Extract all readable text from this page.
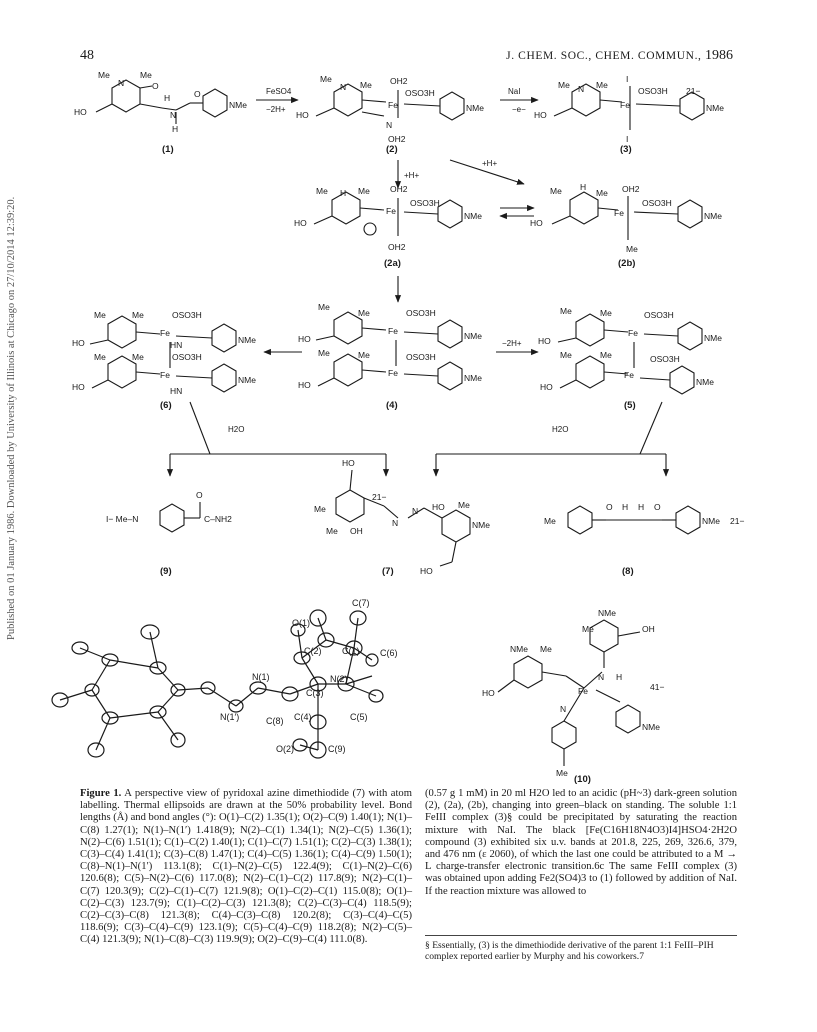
Published on 01 January 1986. Downloaded by University of Illinois at Chicago on 27/10/2014 12:39:20.
48	J. CHEM. SOC., CHEM. COMMUN., 1986
FeSO4
−2H+
NaI
−e−
+H+
+H+
−2H+
H2O	H2O
Me	Me
N	O
H
HO	N
H
O
NMe
Me
Me
N
OH2
OSO3H
Fe
HO
N
OH2
NMe
Me	Me
N
I
OSO3H 21−
Fe
HO
I
NMe
Me	Me
H	OH2
OSO3H
Fe
HO
NMe
OH2
Me	Me
H	OH2
OSO3H
Fe
HO
NMe
Me
Me	Me	OSO3H
Fe
HN
HO	NMe
Me	Me	OSO3H
Fe
HN
HO
NMe
Me
Me	OSO3H
Fe
HO	NMe
Me	Me	OSO3H
Fe
HO
NMe
Me	Me	OSO3H
Fe
HO	NMe
Me	Me	OSO3H
Fe
HO	NMe
I− Me–N
O
C–NH2
HO
21−
Me
N
N
Me OH
HO Me
NMe
HO
Me
O H H O
NMe 21−
NMe
Me	OH
NMe Me
N H
41−
Fe
HO
N
NMe
Me
C(7)
O(1)
C(2) C(1) C(6)
N(2)
N(1)
C(3)
N(1′)	C(8) C(4)	C(5)
O(2)	C(9)
(1)	(2)	(3)
(2a)	(2b)
(4)	(5)
(6)
(7)	(8)
(9)
(10)
Figure 1. A perspective view of pyridoxal azine dimethiodide (7) with atom labelling. Thermal ellipsoids are drawn at the 50% probability level. Bond lengths (Å) and bond angles (°): O(1)–C(2) 1.35(1); O(2)–C(9) 1.40(1); N(1)–C(8) 1.27(1); N(1)–N(1′) 1.418(9); N(2)–C(1) 1.34(1); N(2)–C(5) 1.36(1); N(2)–C(6) 1.51(1); C(1)–C(2) 1.40(1); C(1)–C(7) 1.51(1); C(2)–C(3) 1.38(1); C(3)–C(4) 1.41(1); C(3)–C(8) 1.47(1); C(4)–C(5) 1.36(1); C(4)–C(9) 1.50(1); C(8)–N(1)–N(1′) 113.1(8); C(1)–N(2)–C(5) 122.4(9); C(1)–N(2)–C(6) 120.6(8); C(5)–N(2)–C(6) 117.0(8); N(2)–C(1)–C(2) 117.8(9); N(2)–C(1)–C(7) 120.3(9); C(2)–C(1)–C(7) 121.9(8); O(1)–C(2)–C(1) 115.0(8); O(1)–C(2)–C(3) 123.7(9); C(1)–C(2)–C(3) 121.3(8); C(2)–C(3)–C(4) 118.5(9); C(2)–C(3)–C(8) 121.3(8); C(4)–C(3)–C(8) 120.2(8); C(3)–C(4)–C(5) 118.6(9); C(3)–C(4)–C(9) 123.1(9); C(5)–C(4)–C(9) 118.2(8); N(2)–C(5)–C(4) 121.3(9); N(1)–C(8)–C(3) 119.9(9); O(2)–C(9)–C(4) 111.0(8).
(0.57 g 1 mM) in 20 ml H2O led to an acidic (pH~3) dark-green solution (2), (2a), (2b), changing into green–black on standing. The soluble 1:1 FeIII complex (3)§ could be precipitated by saturating the reaction mixture with NaI. The black [Fe(C16H18N4O3)I4]HSO4·2H2O compound (3) exhibited six u.v. bands at 201.8, 225, 269, 326.6, 379, and 476 nm (ε 2060), of which the last one could be attributed to a M → L charge-transfer electronic transition.6c The same FeIII complex (3) was obtained upon adding Fe2(SO4)3 to (1) followed by addition of NaI. If the reaction mixture was allowed to
§ Essentially, (3) is the dimethiodide derivative of the parent 1:1 FeIII–PIH complex reported earlier by Murphy and his coworkers.7
